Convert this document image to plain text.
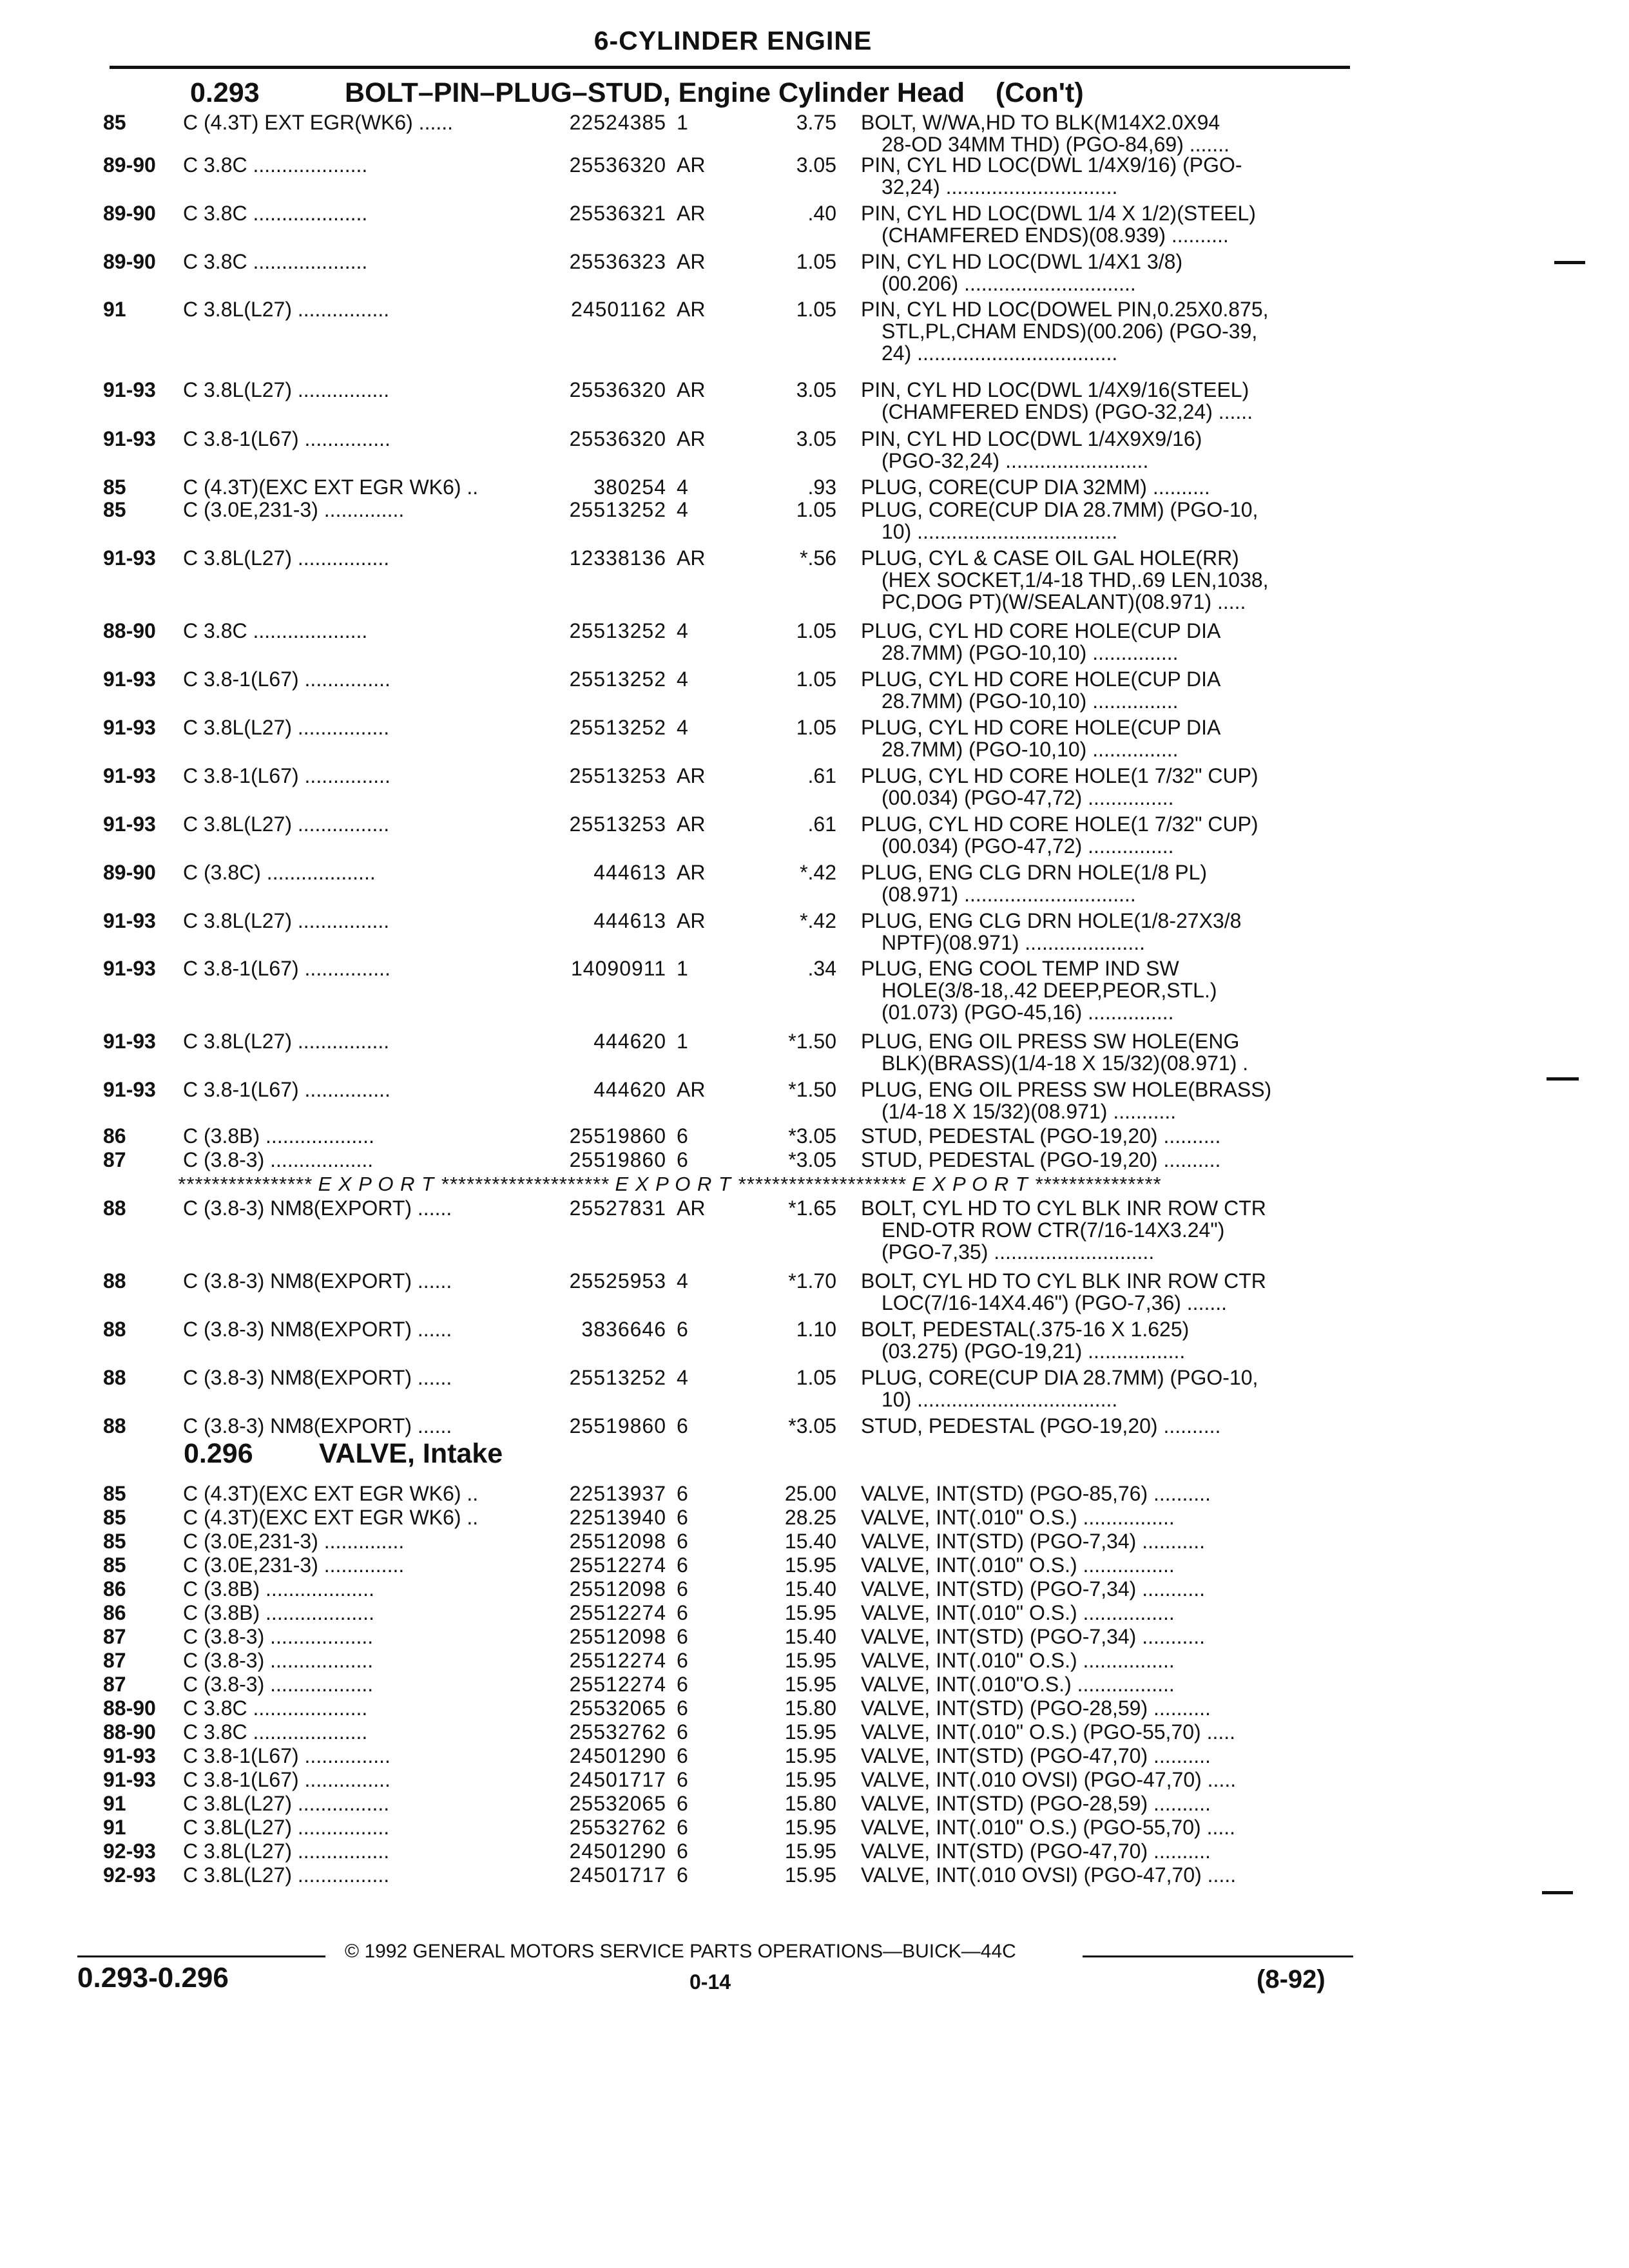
6-CYLINDER ENGINE
0.293	BOLT–PIN–PLUG–STUD, Engine Cylinder Head (Con't)
85	C (4.3T) EXT EGR(WK6) ......	22524385 1	3.75 BOLT, W/WA,HD TO BLK(M14X2.0X94
28-OD 34MM THD) (PGO-84,69) .......
89-90	C 3.8C ....................	25536320 AR	3.05 PIN, CYL HD LOC(DWL 1/4X9/16) (PGO-
32,24) ..............................
89-90	C 3.8C ....................	25536321 AR	.40 PIN, CYL HD LOC(DWL 1/4 X 1/2)(STEEL)
(CHAMFERED ENDS)(08.939) ..........
89-90	C 3.8C ....................	25536323 AR	1.05 PIN, CYL HD LOC(DWL 1/4X1 3/8)
(00.206) ..............................
91	C 3.8L(L27) ................	24501162 AR	1.05 PIN, CYL HD LOC(DOWEL PIN,0.25X0.875,
STL,PL,CHAM ENDS)(00.206) (PGO-39,
24) ...................................
91-93	C 3.8L(L27) ................	25536320 AR	3.05 PIN, CYL HD LOC(DWL 1/4X9/16(STEEL)
(CHAMFERED ENDS) (PGO-32,24) ......
91-93	C 3.8-1(L67) ...............	25536320 AR	3.05 PIN, CYL HD LOC(DWL 1/4X9X9/16)
(PGO-32,24) .........................
85	C (4.3T)(EXC EXT EGR WK6) ..	380254 4	.93 PLUG, CORE(CUP DIA 32MM) ..........
85	C (3.0E,231-3) ..............	25513252 4	1.05 PLUG, CORE(CUP DIA 28.7MM) (PGO-10,
10) ...................................
91-93	C 3.8L(L27) ................	12338136 AR	*.56 PLUG, CYL & CASE OIL GAL HOLE(RR)
(HEX SOCKET,1/4-18 THD,.69 LEN,1038,
PC,DOG PT)(W/SEALANT)(08.971) .....
88-90	C 3.8C ....................	25513252 4	1.05 PLUG, CYL HD CORE HOLE(CUP DIA
28.7MM) (PGO-10,10) ...............
91-93	C 3.8-1(L67) ...............	25513252 4	1.05 PLUG, CYL HD CORE HOLE(CUP DIA
28.7MM) (PGO-10,10) ...............
91-93	C 3.8L(L27) ................	25513252 4	1.05 PLUG, CYL HD CORE HOLE(CUP DIA
28.7MM) (PGO-10,10) ...............
91-93	C 3.8-1(L67) ...............	25513253 AR	.61 PLUG, CYL HD CORE HOLE(1 7/32" CUP)
(00.034) (PGO-47,72) ...............
91-93	C 3.8L(L27) ................	25513253 AR	.61 PLUG, CYL HD CORE HOLE(1 7/32" CUP)
(00.034) (PGO-47,72) ...............
89-90	C (3.8C) ...................	444613 AR	*.42 PLUG, ENG CLG DRN HOLE(1/8 PL)
(08.971) ..............................
91-93	C 3.8L(L27) ................	444613 AR	*.42 PLUG, ENG CLG DRN HOLE(1/8-27X3/8
NPTF)(08.971) .....................
91-93	C 3.8-1(L67) ...............	14090911 1	.34 PLUG, ENG COOL TEMP IND SW
HOLE(3/8-18,.42 DEEP,PEOR,STL.)
(01.073) (PGO-45,16) ...............
91-93	C 3.8L(L27) ................	444620 1	*1.50 PLUG, ENG OIL PRESS SW HOLE(ENG
BLK)(BRASS)(1/4-18 X 15/32)(08.971) .
91-93	C 3.8-1(L67) ...............	444620 AR	*1.50 PLUG, ENG OIL PRESS SW HOLE(BRASS)
(1/4-18 X 15/32)(08.971) ...........
86	C (3.8B) ...................	25519860 6	*3.05 STUD, PEDESTAL (PGO-19,20) ..........
87	C (3.8-3) ..................	25519860 6	*3.05 STUD, PEDESTAL (PGO-19,20) ..........
**************** E X P O R T ******************** E X P O R T ******************** E X P O R T ***************
88	C (3.8-3) NM8(EXPORT) ......	25527831 AR	*1.65 BOLT, CYL HD TO CYL BLK INR ROW CTR
END-OTR ROW CTR(7/16-14X3.24")
(PGO-7,35) ............................
88	C (3.8-3) NM8(EXPORT) ......	25525953 4	*1.70 BOLT, CYL HD TO CYL BLK INR ROW CTR
LOC(7/16-14X4.46") (PGO-7,36) .......
88	C (3.8-3) NM8(EXPORT) ......	3836646 6	1.10 BOLT, PEDESTAL(.375-16 X 1.625)
(03.275) (PGO-19,21) .................
88	C (3.8-3) NM8(EXPORT) ......	25513252 4	1.05 PLUG, CORE(CUP DIA 28.7MM) (PGO-10,
10) ...................................
88	C (3.8-3) NM8(EXPORT) ......	25519860 6	*3.05 STUD, PEDESTAL (PGO-19,20) ..........
0.296 VALVE, Intake
85	C (4.3T)(EXC EXT EGR WK6) ..	22513937 6	25.00 VALVE, INT(STD) (PGO-85,76) ..........
85	C (4.3T)(EXC EXT EGR WK6) ..	22513940 6	28.25 VALVE, INT(.010" O.S.) ................
85	C (3.0E,231-3) ..............	25512098 6	15.40 VALVE, INT(STD) (PGO-7,34) ...........
85	C (3.0E,231-3) ..............	25512274 6	15.95 VALVE, INT(.010" O.S.) ................
86	C (3.8B) ...................	25512098 6	15.40 VALVE, INT(STD) (PGO-7,34) ...........
86	C (3.8B) ...................	25512274 6	15.95 VALVE, INT(.010" O.S.) ................
87	C (3.8-3) ..................	25512098 6	15.40 VALVE, INT(STD) (PGO-7,34) ...........
87	C (3.8-3) ..................	25512274 6	15.95 VALVE, INT(.010" O.S.) ................
87	C (3.8-3) ..................	25512274 6	15.95 VALVE, INT(.010"O.S.) .................
88-90	C 3.8C ....................	25532065 6	15.80 VALVE, INT(STD) (PGO-28,59) ..........
88-90	C 3.8C ....................	25532762 6	15.95 VALVE, INT(.010" O.S.) (PGO-55,70) .....
91-93	C 3.8-1(L67) ...............	24501290 6	15.95 VALVE, INT(STD) (PGO-47,70) ..........
91-93	C 3.8-1(L67) ...............	24501717 6	15.95 VALVE, INT(.010 OVSI) (PGO-47,70) .....
91	C 3.8L(L27) ................	25532065 6	15.80 VALVE, INT(STD) (PGO-28,59) ..........
91	C 3.8L(L27) ................	25532762 6	15.95 VALVE, INT(.010" O.S.) (PGO-55,70) .....
92-93	C 3.8L(L27) ................	24501290 6	15.95 VALVE, INT(STD) (PGO-47,70) ..........
92-93	C 3.8L(L27) ................	24501717 6	15.95 VALVE, INT(.010 OVSI) (PGO-47,70) .....
© 1992 GENERAL MOTORS SERVICE PARTS OPERATIONS—BUICK—44C
0.293-0.296	0-14	(8-92)
